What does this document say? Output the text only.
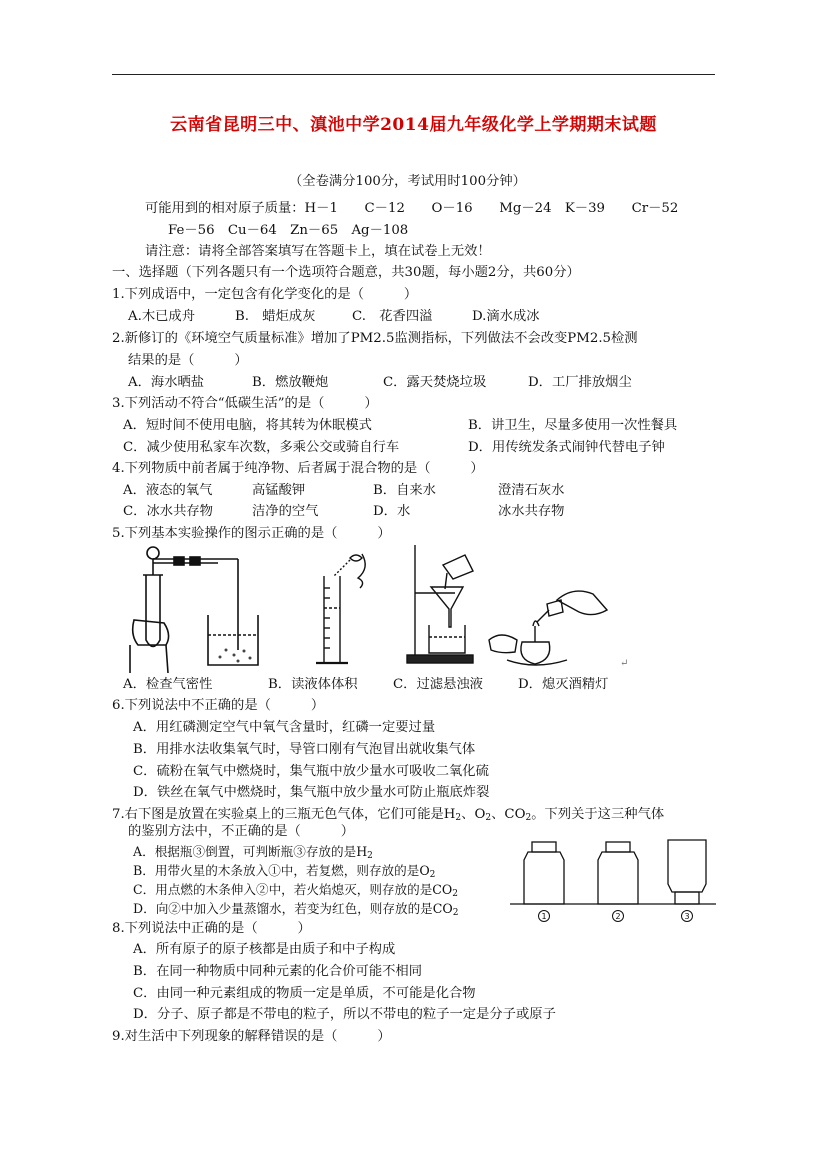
云南省昆明三中、滇池中学2014届九年级化学上学期期末试题
（全卷满分100分，考试用时100分钟）
可能用到的相对原子质量：H－1　　C－12　　O－16　　Mg－24　K－39　　Cr－52
Fe－56　Cu－64　Zn－65　Ag－108
请注意：请将全部答案填写在答题卡上，填在试卷上无效！
一、选择题（下列各题只有一个选项符合题意，共30题，每小题2分，共60分）
1.下列成语中，一定包含有化学变化的是（　　　）
A.木已成舟	B.　蜡炬成灰	C.　花香四溢	D.滴水成冰
2.新修订的《环境空气质量标准》增加了PM2.5监测指标，下列做法不会改变PM2.5检测
结果的是（　　　）
A．海水晒盐	B．燃放鞭炮	C．露天焚烧垃圾	D．工厂排放烟尘
3.下列活动不符合“低碳生活”的是（　　　）
A．短时间不使用电脑，将其转为休眠模式	B．讲卫生，尽量多使用一次性餐具
C．减少使用私家车次数，多乘公交或骑自行车	D．用传统发条式闹钟代替电子钟
4.下列物质中前者属于纯净物、后者属于混合物的是（　　　）
A．液态的氧气	高锰酸钾	B．自来水	澄清石灰水
C．冰水共存物	洁净的空气	D．水	冰水共存物
5.下列基本实验操作的图示正确的是（　　　）
↵
A．检查气密性	B．读液体体积	C．过滤悬浊液	D．熄灭酒精灯
6.下列说法中不正确的是（　　　）
A．用红磷测定空气中氧气含量时，红磷一定要过量
B．用排水法收集氧气时，导管口刚有气泡冒出就收集气体
C．硫粉在氧气中燃烧时，集气瓶中放少量水可吸收二氧化硫
D．铁丝在氧气中燃烧时，集气瓶中放少量水可防止瓶底炸裂
7.右下图是放置在实验桌上的三瓶无色气体，它们可能是$H_2$、$O_2$、$CO_2$。下列关于这三种气体
的鉴别方法中，不正确的是（　　　）
A．根据瓶③倒置，可判断瓶③存放的是$H_2$
B．用带火星的木条放入①中，若复燃，则存放的是$O_2$
C．用点燃的木条伸入②中，若火焰熄灭，则存放的是$CO_2$
D．向②中加入少量蒸馏水，若变为红色，则存放的是$CO_2$	1	2	3
8.下列说法中正确的是（　　　）
A．所有原子的原子核都是由质子和中子构成
B．在同一种物质中同种元素的化合价可能不相同
C．由同一种元素组成的物质一定是单质，不可能是化合物
D．分子、原子都是不带电的粒子，所以不带电的粒子一定是分子或原子
9.对生活中下列现象的解释错误的是（　　　）
